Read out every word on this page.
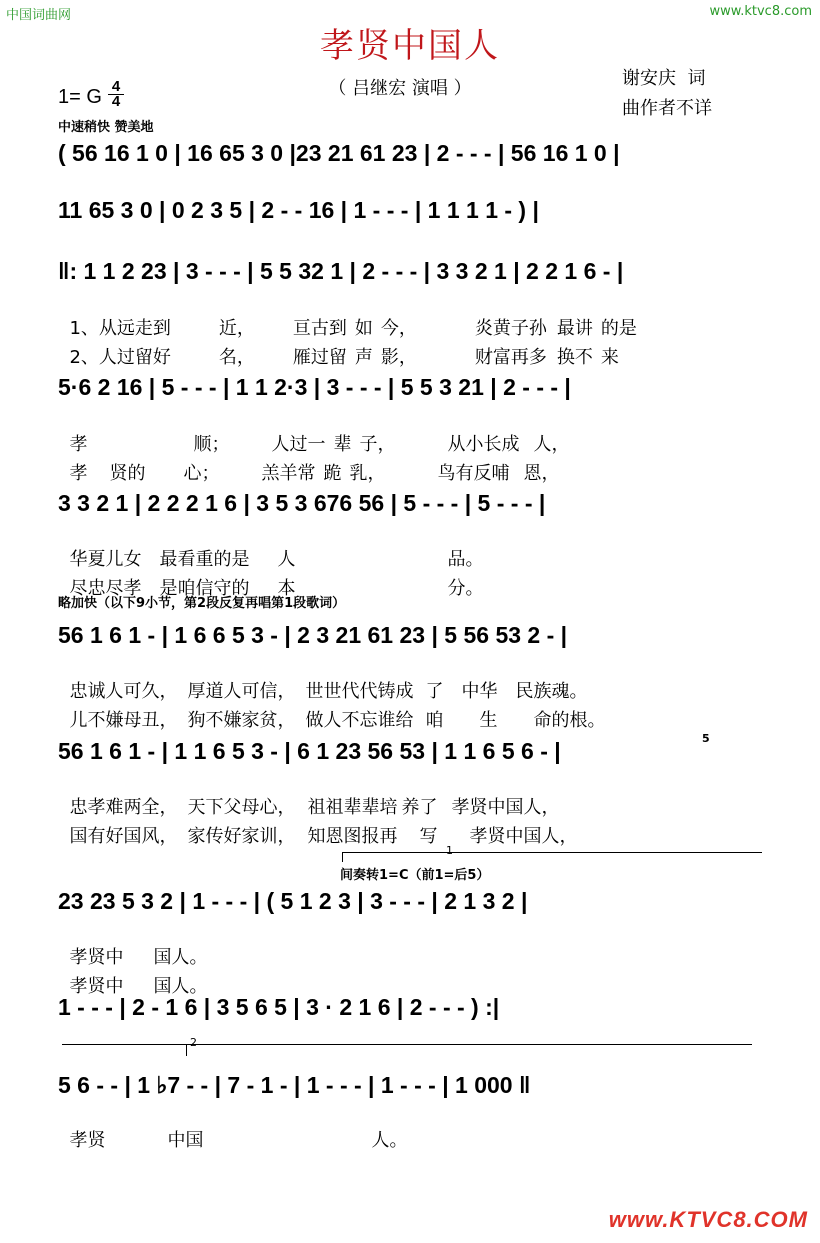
中国词曲网	www.ktvc8.com
孝贤中国人
（ 吕继宏 演唱 ）	谢安庆  词
曲作者不详
1= G 4
4
中速稍快 赞美地
( 56 16 1 0 | 16 65 3 0 |23 21 61 23 | 2 - - - | 56 16 1 0 |
11 65 3 0 | 0 2 3 5 | 2 - - 16 | 1 - - - | 1 1 1 1 - ) |
‖: 1 1 2 23 | 3 - - - | 5 5 32 1 | 2 - - - | 3 3 2 1 | 2 2 1 6 - |

1、从远走到	近， 亘古到 如 今，	炎黄子孙 最讲 的是

2、人过留好	名， 雁过留 声 影，	财富再多 换不 来

5·6 2 16 | 5 - - - | 1 1 2·3 | 3 - - - | 5 5 3 21 | 2 - - - |

孝	顺； 人过一 辈 子，	从小长成 人，

孝 贤的 心； 羔羊常 跪 乳，	鸟有反哺 恩，

3 3 2 1 | 2 2 2 1 6 | 3 5 3 676 56 | 5 - - - | 5 - - - |

华夏儿女 最看重的是 人	品。

尽忠尽孝 是咱信守的 本	分。

略加快（以下9小节，第2段反复再唱第1段歌词）
56 1 6 1 - | 1 6 6 5 3 - | 2 3 21 61 23 | 5 56 53 2 - |

忠诚人可久， 厚道人可信， 世世代代铸成 了 中华 民族魂。

儿不嫌母丑， 狗不嫌家贫， 做人不忘谁给 咱 生 命的根。

56 1 6 1 - | 1 1 6 5 3 - | 6 1 23 56 53 | 1 1 6 5 6 - |	5

忠孝难两全， 天下父母心， 祖祖辈辈培 养了 孝贤中国人，

国有好国风， 家传好家训， 知恩图报再 写 孝贤中国人，

1
间奏转1=C（前1=后5）
23 23 5 3 2 | 1 - - - | ( 5 1 2 3 | 3 - - - | 2 1 3 2 |

孝贤中 国人。

孝贤中 国人。

1 - - - | 2 - 1 6 | 3 5 6 5 | 3 · 2 1 6 | 2 - - - ) :|
2
5 6 - - | 1 ♭7 - - | 7 - 1 - | 1 - - - | 1 - - - | 1 000 ‖

孝贤	中国	人。

www.KTVC8.COM
